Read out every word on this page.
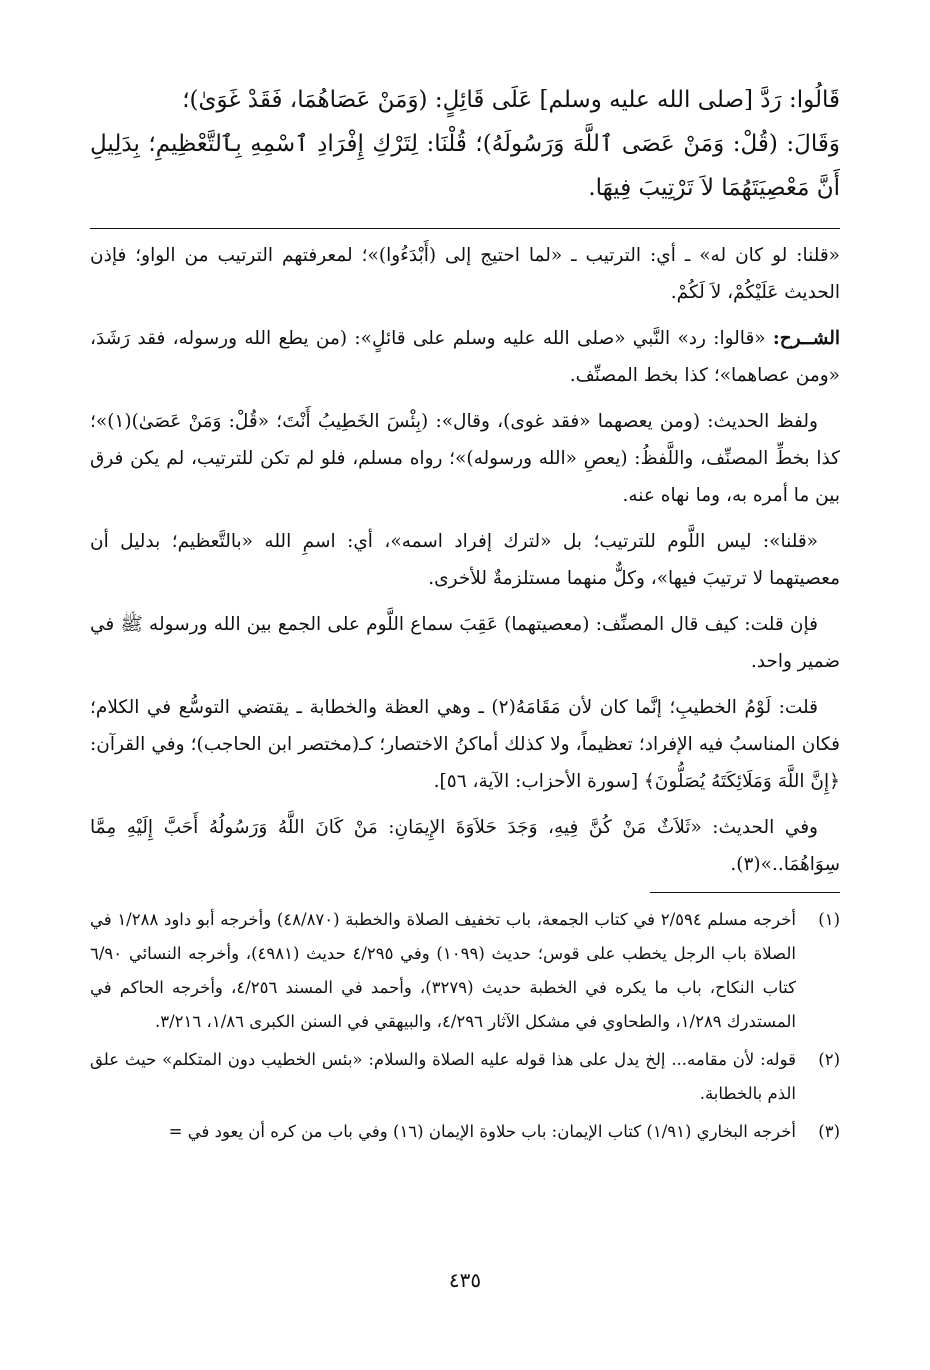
قَالُوا: رَدَّ [صلى الله عليه وسلم] عَلَى قَائِلٍ: (وَمَنْ عَصَاهُمَا، فَقَدْ غَوَىٰ)؛

وَقَالَ: (قُلْ: وَمَنْ عَصَى ٱللَّهَ وَرَسُولَهُ)؛ قُلْنَا: لِتَرْكِ إِفْرَادِ ٱسْمِهِ بِٱلتَّعْظِيمِ؛ بِدَلِيلِ أَنَّ مَعْصِيَتَهُمَا لاَ تَرْتِيبَ فِيهَا.

«قلنا: لو كان له» ـ أي: الترتيب ـ «لما احتيج إلى (أَبْدَءُوا)»؛ لمعرفتهم الترتيب من الواو؛ فإذن الحديث عَلَيْكُمْ، لاَ لَكُمْ.

الشــرح: «قالوا: رد» النَّبي «صلى الله عليه وسلم على قائلٍ»: (من يطع الله ورسوله، فقد رَشَدَ، «ومن عصاهما»؛ كذا بخط المصنِّف.

ولفظ الحديث: (ومن يعصهما «فقد غوى)، وقال»: (بِئْسَ الخَطِيبُ أَنْتَ؛ «قُلْ: وَمَنْ عَصَىٰ)(١)»؛ كذا بخطِّ المصنِّف، واللَّفظُ: (يعصِ «الله ورسوله)»؛ رواه مسلم، فلو لم تكن للترتيب، لم يكن فرق بين ما أمره به، وما نهاه عنه.

«قلنا»: ليس اللَّوم للترتيب؛ بل «لترك إفراد اسمه»، أي: اسمِ الله «بالتَّعظيم؛ بدليل أن معصيتهما لا ترتيبَ فيها»، وكلٌّ منهما مستلزمةٌ للأخرى.

فإن قلت: كيف قال المصنِّف: (معصيتهما) عَقِبَ سماع اللَّوم على الجمع بين الله ورسوله ﷺ في ضمير واحد.

قلت: لَوْمُ الخطيبِ؛ إنَّما كان لأن مَقَامَهُ(٢) ـ وهي العظة والخطابة ـ يقتضي التوسُّع في الكلام؛ فكان المناسبُ فيه الإفراد؛ تعظيماً، ولا كذلك أماكنُ الاختصار؛ كـ(مختصر ابن الحاجب)؛ وفي القرآن: ﴿إِنَّ اللَّهَ وَمَلَائِكَتَهُ يُصَلُّونَ﴾ [سورة الأحزاب: الآية، ٥٦].

وفي الحديث: «ثَلاَثٌ مَنْ كُنَّ فِيهِ، وَجَدَ حَلاَوَةَ الإِيمَانِ: مَنْ كَانَ اللَّهُ وَرَسُولُهُ أَحَبَّ إِلَيْهِ مِمَّا سِوَاهُمَا..»(٣).

(١)
أخرجه مسلم ٢/٥٩٤ في كتاب الجمعة، باب تخفيف الصلاة والخطبة (٤٨/٨٧٠) وأخرجه أبو داود ١/٢٨٨ في الصلاة باب الرجل يخطب على قوس؛ حديث (١٠٩٩) وفي ٤/٢٩٥ حديث (٤٩٨١)، وأخرجه النسائي ٦/٩٠ كتاب النكاح، باب ما يكره في الخطبة حديث (٣٢٧٩)، وأحمد في المسند ٤/٢٥٦، وأخرجه الحاكم في المستدرك ١/٢٨٩، والطحاوي في مشكل الآثار ٤/٢٩٦، والبيهقي في السنن الكبرى ١/٨٦، ٣/٢١٦.
(٢)
قوله: لأن مقامه... إلخ يدل على هذا قوله عليه الصلاة والسلام: «بئس الخطيب دون المتكلم» حيث علق الذم بالخطابة.
(٣)
أخرجه البخاري (١/٩١) كتاب الإيمان: باب حلاوة الإيمان (١٦) وفي باب من كره أن يعود في =
٤٣٥
